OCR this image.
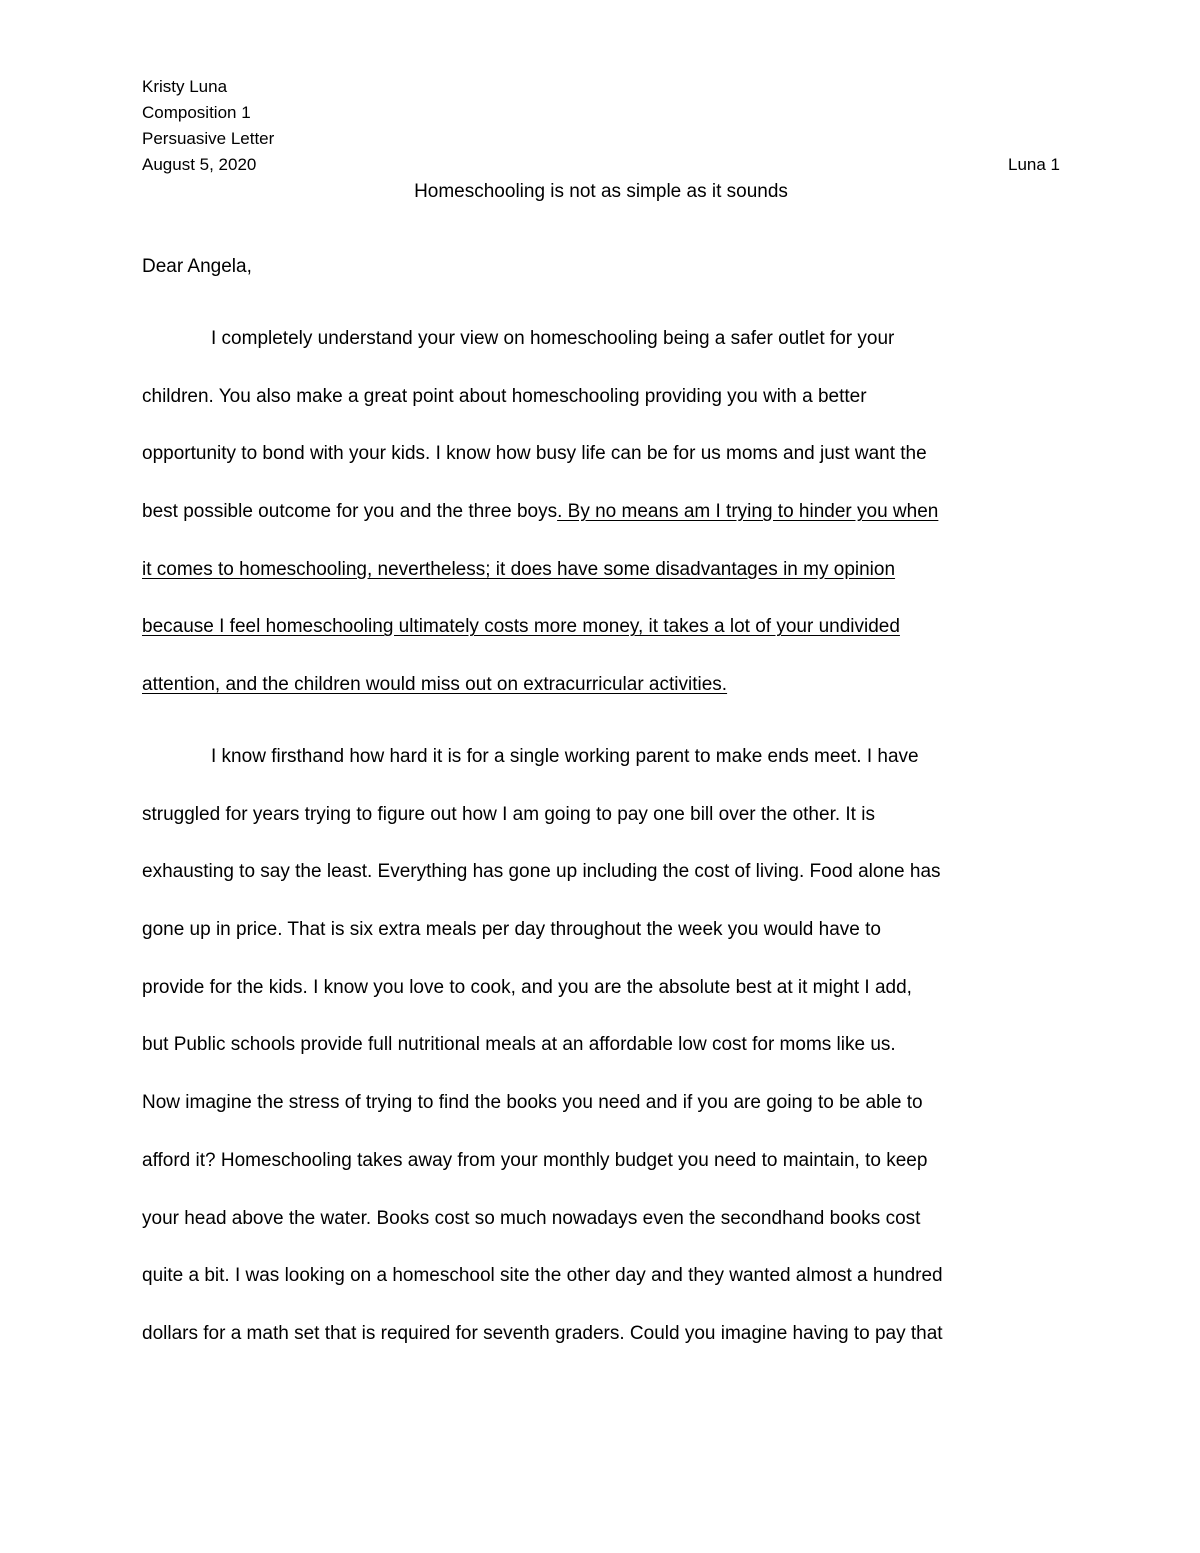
Kristy Luna
Composition 1
Persuasive Letter
August 5, 2020	Luna 1
Homeschooling is not as simple as it sounds
Dear Angela,
I completely understand your view on homeschooling being a safer outlet for your
children. You also make a great point about homeschooling providing you with a better
opportunity to bond with your kids. I know how busy life can be for us moms and just want the
best possible outcome for you and the three boys. By no means am I trying to hinder you when
it comes to homeschooling, nevertheless; it does have some disadvantages in my opinion
because I feel homeschooling ultimately costs more money, it takes a lot of your undivided
attention, and the children would miss out on extracurricular activities.
I know firsthand how hard it is for a single working parent to make ends meet. I have
struggled for years trying to figure out how I am going to pay one bill over the other. It is
exhausting to say the least. Everything has gone up including the cost of living. Food alone has
gone up in price. That is six extra meals per day throughout the week you would have to
provide for the kids. I know you love to cook, and you are the absolute best at it might I add,
but Public schools provide full nutritional meals at an affordable low cost for moms like us.
Now imagine the stress of trying to find the books you need and if you are going to be able to
afford it? Homeschooling takes away from your monthly budget you need to maintain, to keep
your head above the water. Books cost so much nowadays even the secondhand books cost
quite a bit. I was looking on a homeschool site the other day and they wanted almost a hundred
dollars for a math set that is required for seventh graders. Could you imagine having to pay that
